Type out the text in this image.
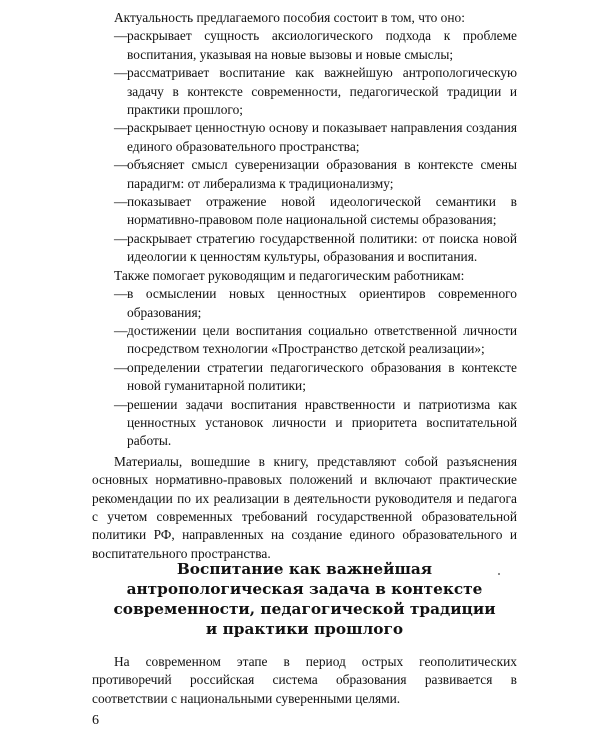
Актуальность предлагаемого пособия состоит в том, что оно:

— раскрывает сущность аксиологического подхода к проблеме воспитания, указывая на новые вызовы и новые смыслы;
— рассматривает воспитание как важнейшую антропологическую задачу в контексте современности, педагогической традиции и практики прошлого;
— раскрывает ценностную основу и показывает направления создания единого образовательного пространства;
— объясняет смысл суверенизации образования в контексте смены парадигм: от либерализма к традиционализму;
— показывает отражение новой идеологической семантики в нормативно-правовом поле национальной системы образования;
— раскрывает стратегию государственной политики: от поиска новой идеологии к ценностям культуры, образования и воспитания.

Также помогает руководящим и педагогическим работникам:

— в осмыслении новых ценностных ориентиров современного образования;
— достижении цели воспитания социально ответственной личности посредством технологии «Пространство детской реализации»;
— определении стратегии педагогического образования в контексте новой гуманитарной политики;
— решении задачи воспитания нравственности и патриотизма как ценностных установок личности и приоритета воспитательной работы.

Материалы, вошедшие в книгу, представляют собой разъяснения основных нормативно-правовых положений и включают практические рекомендации по их реализации в деятельности руководителя и педагога с учетом современных требований государственной образовательной политики РФ, направленных на создание единого образовательного и воспитательного пространства.

Воспитание как важнейшая
антропологическая задача в контексте
современности, педагогической традиции
и практики прошлого

На современном этапе в период острых геополитических противоречий российская система образования развивается в соответствии с национальными суверенными целями.

6
